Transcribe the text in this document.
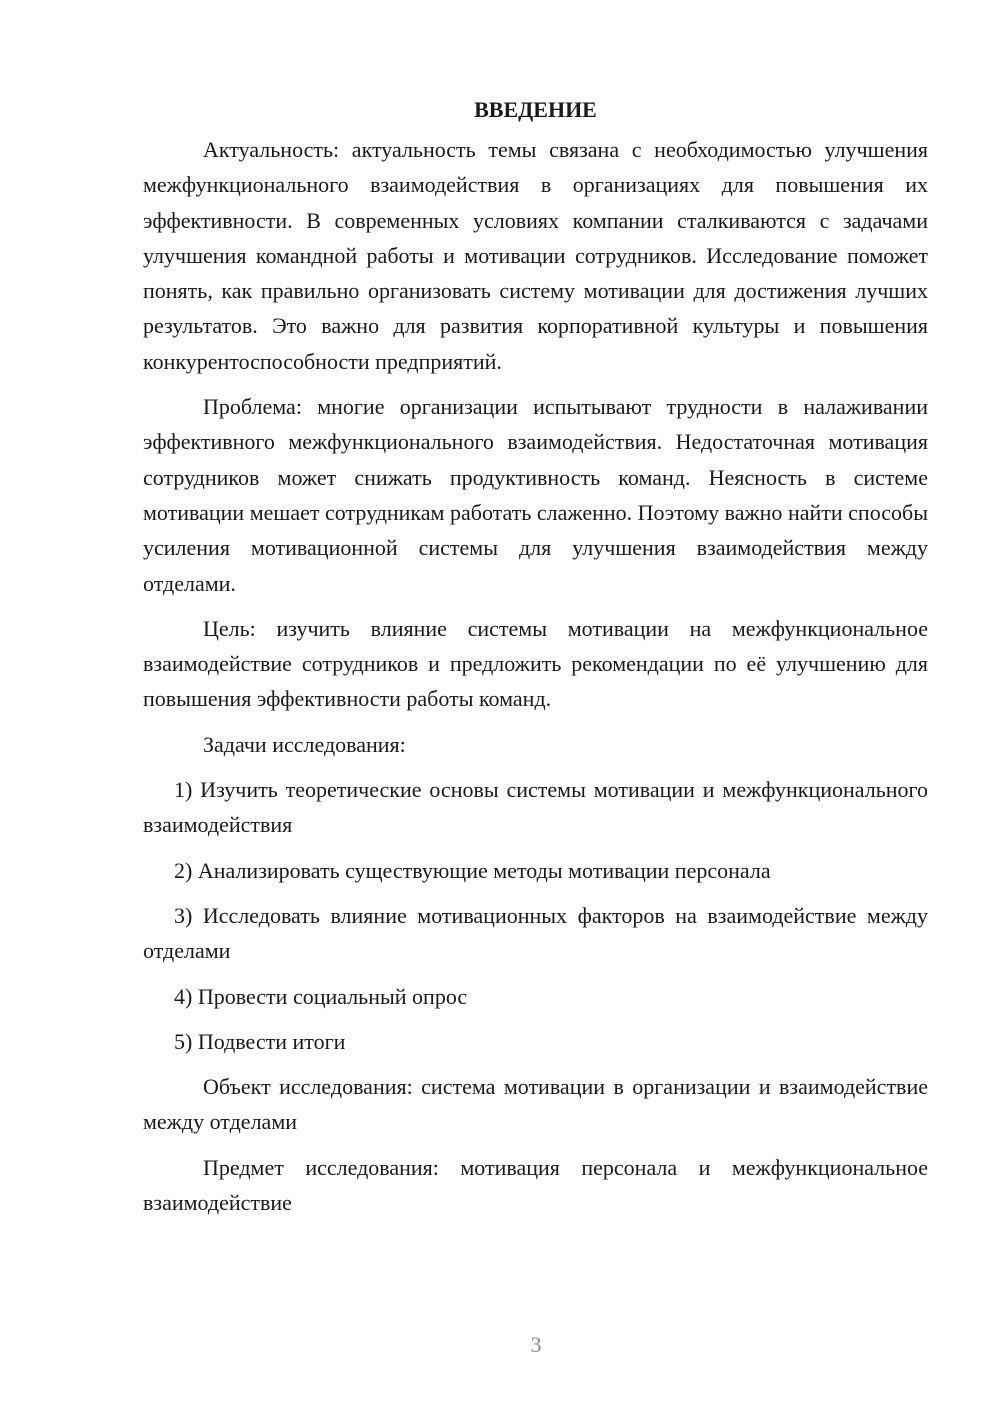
ВВЕДЕНИЕ

Актуальность: актуальность темы связана с необходимостью улучшения межфункционального взаимодействия в организациях для повышения их эффективности. В современных условиях компании сталкиваются с задачами улучшения командной работы и мотивации сотрудников. Исследование поможет понять, как правильно организовать систему мотивации для достижения лучших результатов. Это важно для развития корпоративной культуры и повышения конкурентоспособности предприятий.

Проблема: многие организации испытывают трудности в налаживании эффективного межфункционального взаимодействия. Недостаточная мотивация сотрудников может снижать продуктивность команд. Неясность в системе мотивации мешает сотрудникам работать слаженно. Поэтому важно найти способы усиления мотивационной системы для улучшения взаимодействия между отделами.

Цель: изучить влияние системы мотивации на межфункциональное взаимодействие сотрудников и предложить рекомендации по её улучшению для повышения эффективности работы команд.

Задачи исследования:

1) Изучить теоретические основы системы мотивации и межфункционального взаимодействия

2) Анализировать существующие методы мотивации персонала

3) Исследовать влияние мотивационных факторов на взаимодействие между отделами

4) Провести социальный опрос

5) Подвести итоги

Объект исследования: система мотивации в организации и взаимодействие между отделами

Предмет исследования: мотивация персонала и межфункциональное взаимодействие

3
